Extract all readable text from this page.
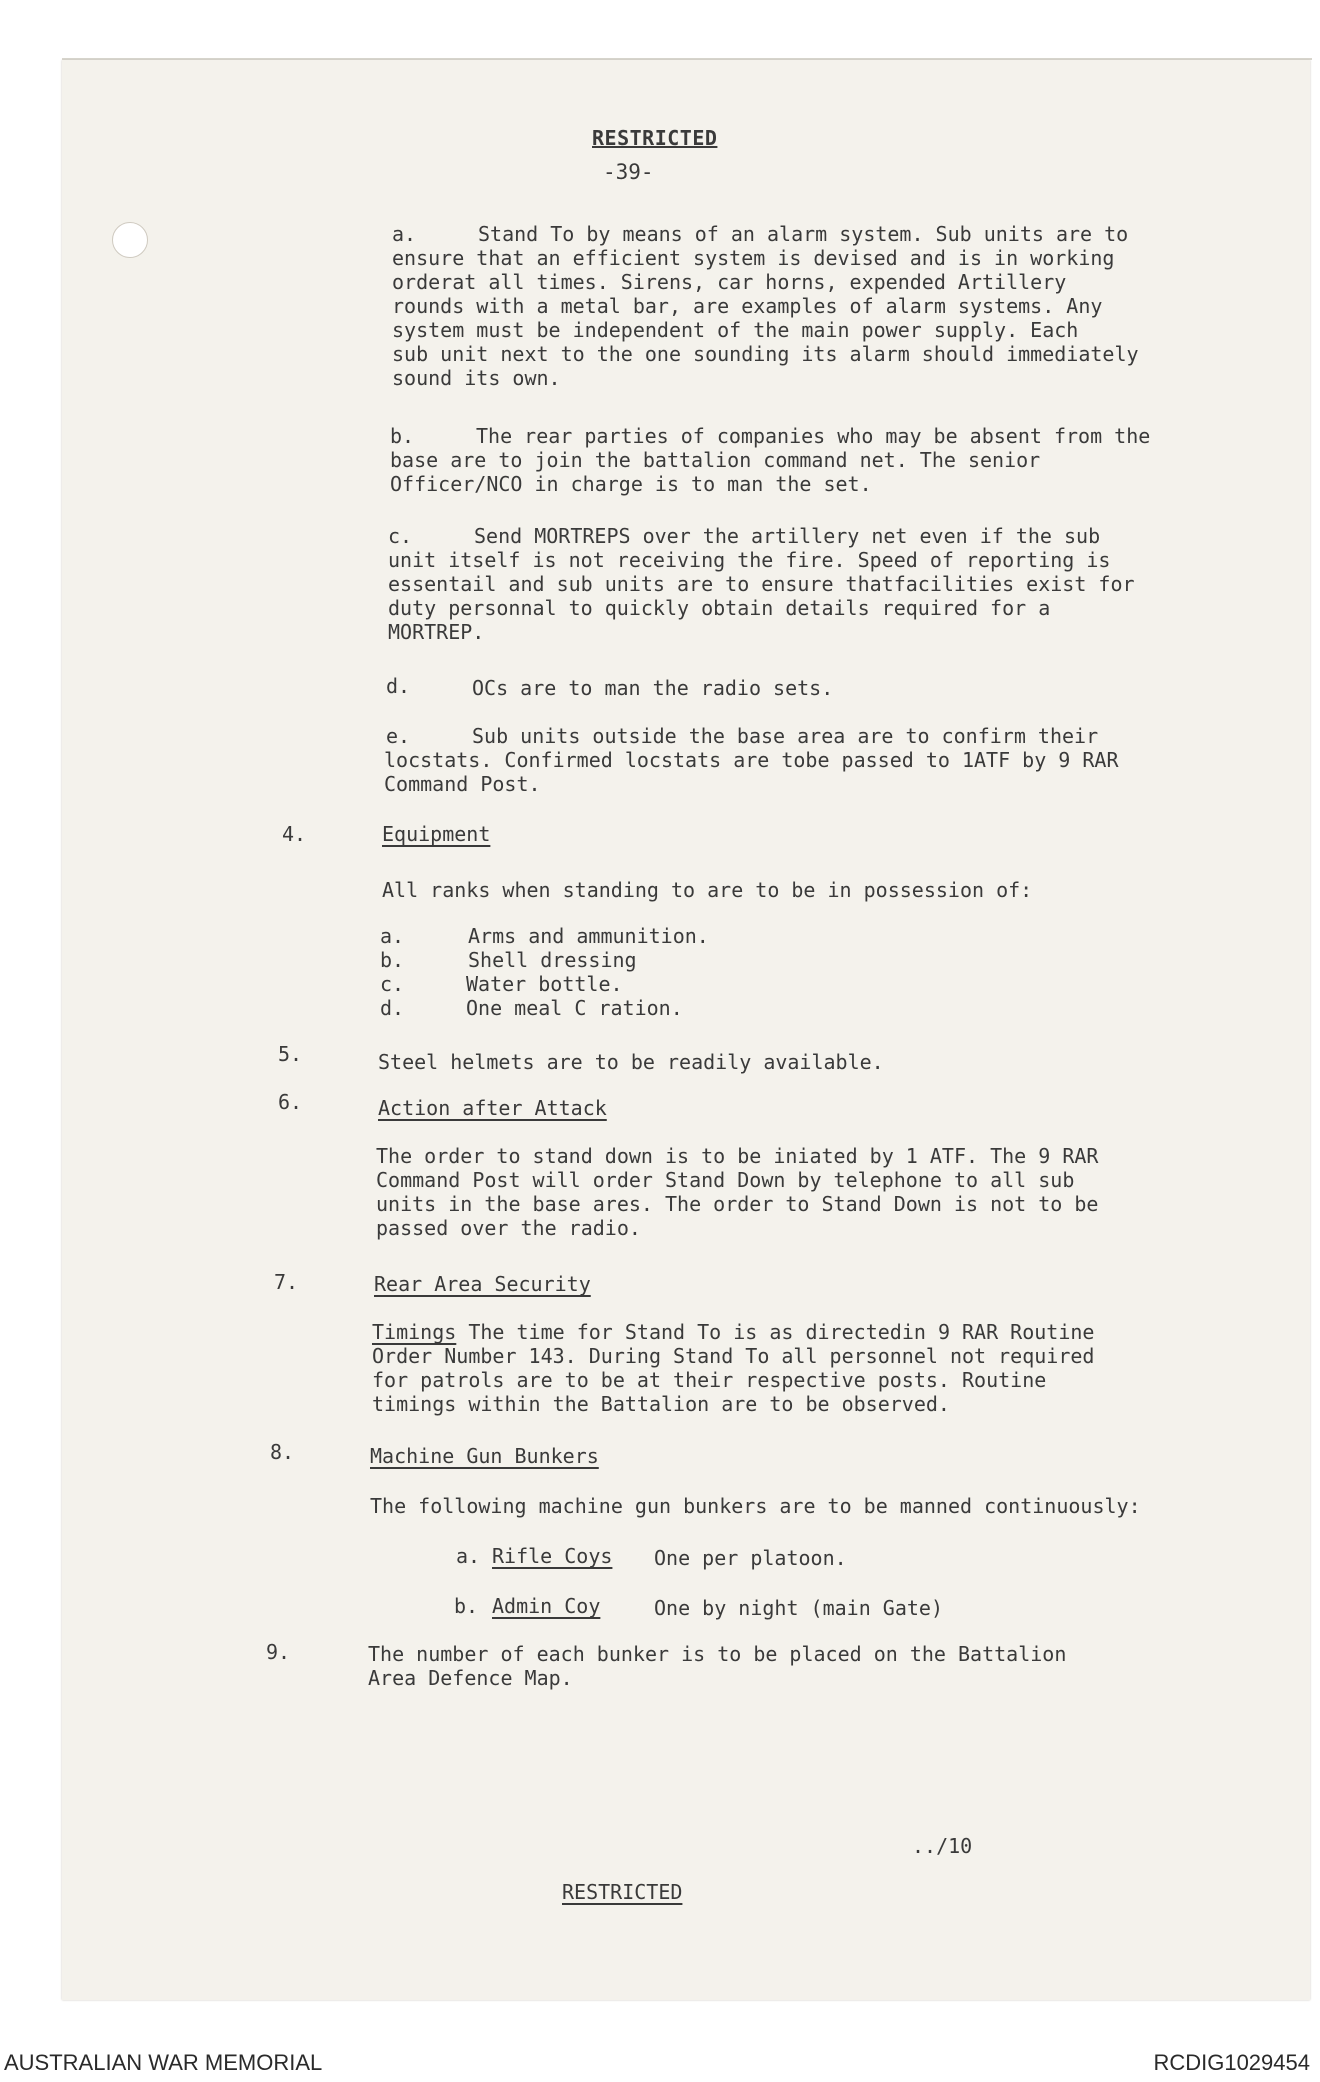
RESTRICTED
-39-
a.	Stand To by means of an alarm system. Sub units are to
ensure that an efficient system is devised and is in working
orderat all times. Sirens, car horns, expended Artillery
rounds with a metal bar, are examples of alarm systems. Any
system must be independent of the main power supply. Each
sub unit next to the one sounding its alarm should immediately
sound its own.
b.	The rear parties of companies who may be absent from the
base are to join the battalion command net. The senior
Officer/NCO in charge is to man the set.
c.	Send MORTREPS over the artillery net even if the sub
unit itself is not receiving the fire. Speed of reporting is
essentail and sub units are to ensure thatfacilities exist for
duty personnal to quickly obtain details required for a
MORTREP.
d.	OCs are to man the radio sets.
e.	Sub units outside the base area are to confirm their
locstats. Confirmed locstats are tobe passed to 1ATF by 9 RAR
Command Post.
4.	Equipment
All ranks when standing to are to be in possession of:
a.	Arms and ammunition.
b.	Shell dressing
c.	Water bottle.
d.	One meal C ration.
5.	Steel helmets are to be readily available.
6.	Action after Attack
The order to stand down is to be iniated by 1 ATF. The 9 RAR
Command Post will order Stand Down by telephone to all sub
units in the base ares. The order to Stand Down is not to be
passed over the radio.
7.	Rear Area Security
Timings The time for Stand To is as directedin 9 RAR Routine
Order Number 143. During Stand To all personnel not required
for patrols are to be at their respective posts. Routine
timings within the Battalion are to be observed.
8.	Machine Gun Bunkers
The following machine gun bunkers are to be manned continuously:
a. Rifle Coys One per platoon.
b. Admin Coy	One by night (main Gate)
9.	The number of each bunker is to be placed on the Battalion
Area Defence Map.
../10
RESTRICTED
AUSTRALIAN WAR MEMORIAL	RCDIG1029454
